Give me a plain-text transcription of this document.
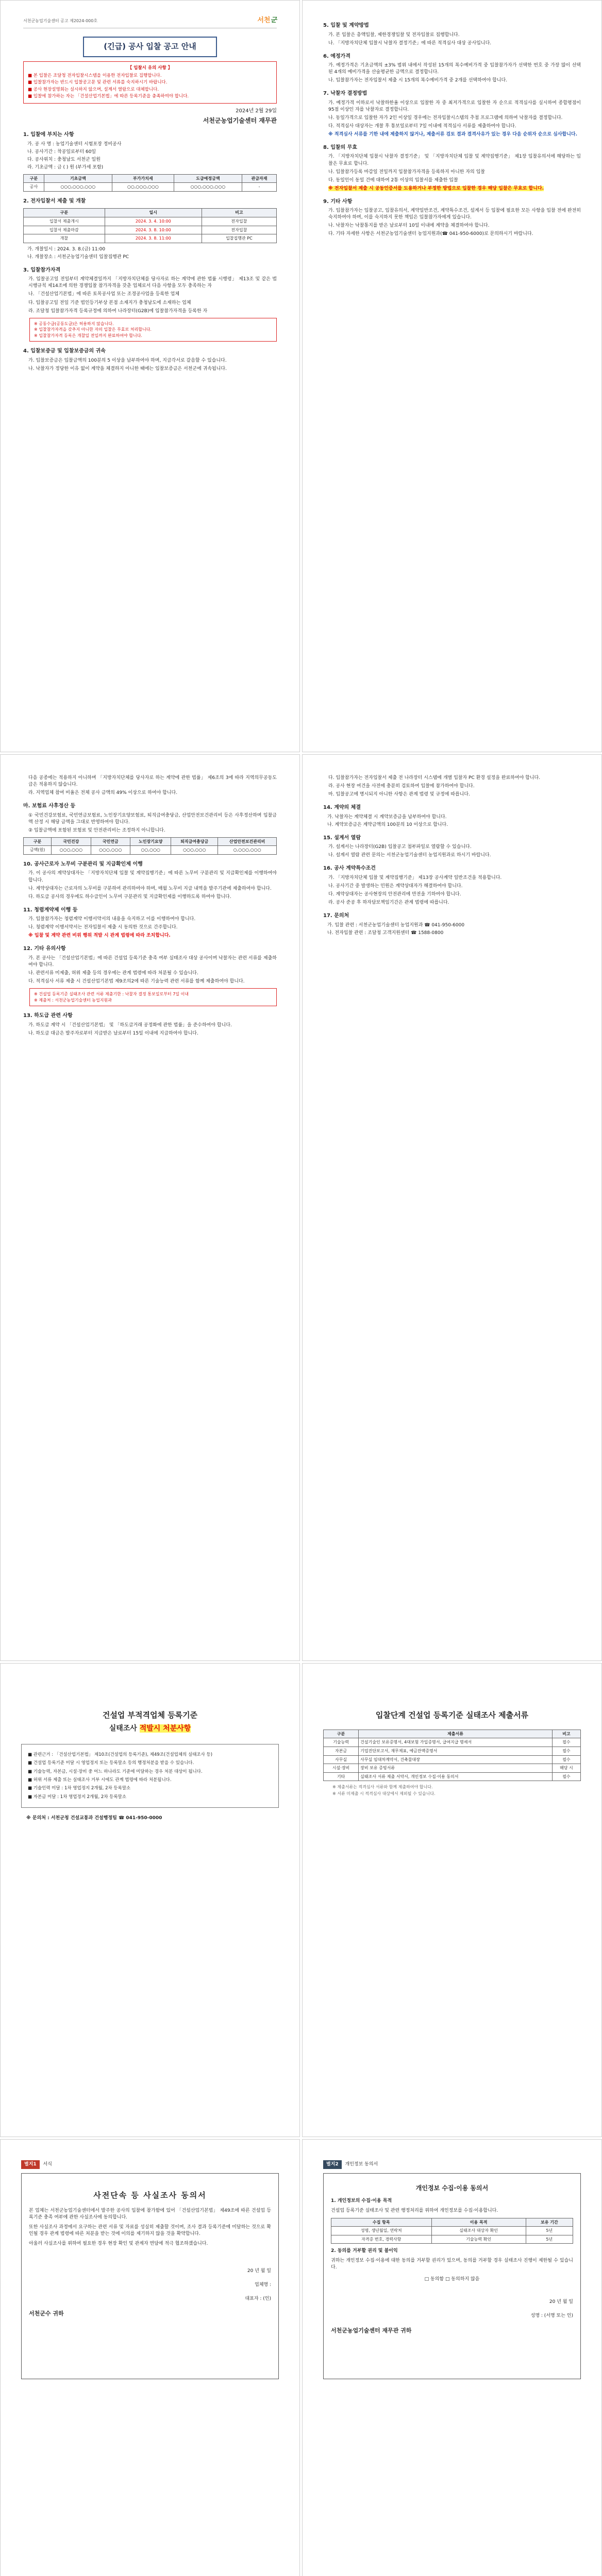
서천군농업기술센터 공고 제2024-000호	서천군
(긴급) 공사 입찰 공고 안내
【 입찰시 유의 사항 】

■ 본 입찰은 조달청 전자입찰시스템을 이용한 전자입찰로 집행합니다.

■ 입찰참가자는 반드시 입찰공고문 및 관련 서류를 숙지하시기 바랍니다.

■ 공사 현장설명회는 실시하지 않으며, 설계서 열람으로 대체합니다.

■ 입찰에 참가하는 자는 「건설산업기본법」에 따른 등록기준을 충족하여야 합니다.

2024년 2월 29일
서천군농업기술센터 재무관
1. 입찰에 부치는 사항
가. 공 사 명 : 농업기술센터 시험포장 정비공사
나. 공사기간 : 착공일로부터 60일
다. 공사위치 : 충청남도 서천군 일원
라. 기초금액 : 금 ( ) 원 (부가세 포함)
구분	기초금액	부가가치세	도급예정금액	관급자재
공사	○○○,○○○,○○○	○○,○○○,○○○	○○○,○○○,○○○	-
2. 전자입찰서 제출 및 개찰
구분	일시	비고
입찰서 제출개시	2024. 3. 4. 10:00	전자입찰
입찰서 제출마감	2024. 3. 8. 10:00	전자입찰
개찰	2024. 3. 8. 11:00	입찰집행관 PC
가. 개찰일시 : 2024. 3. 8.(금) 11:00
나. 개찰장소 : 서천군농업기술센터 입찰집행관 PC
3. 입찰참가자격
가. 입찰공고일 전일부터 계약체결일까지 「지방자치단체를 당사자로 하는 계약에 관한 법률 시행령」 제13조 및 같은 법 시행규칙 제14조에 의한 경쟁입찰 참가자격을 갖춘 업체로서 다음 사항을 모두 충족하는 자
나. 「건설산업기본법」에 따른 토목공사업 또는 조경공사업을 등록한 업체
다. 입찰공고일 전일 기준 법인등기부상 본점 소재지가 충청남도에 소재하는 업체
라. 조달청 입찰참가자격 등록규정에 의하여 나라장터(G2B)에 입찰참가자격을 등록한 자
※ 공동수급(공동도급)은 허용하지 않습니다.
※ 입찰참가자격을 갖추지 아니한 자의 입찰은 무효로 처리합니다.
※ 입찰참가자격 등록은 개찰일 전일까지 완료하여야 합니다.
4. 입찰보증금 및 입찰보증금의 귀속
가. 입찰보증금은 입찰금액의 100분의 5 이상을 납부하여야 하며, 지급각서로 갈음할 수 있습니다.
나. 낙찰자가 정당한 이유 없이 계약을 체결하지 아니한 때에는 입찰보증금은 서천군에 귀속됩니다.
5. 입찰 및 계약방법
가. 본 입찰은 총액입찰, 제한경쟁입찰 및 전자입찰로 집행합니다.
나. 「지방자치단체 입찰시 낙찰자 결정기준」에 따른 적격심사 대상 공사입니다.
6. 예정가격
가. 예정가격은 기초금액의 ±3% 범위 내에서 작성된 15개의 복수예비가격 중 입찰참가자가 선택한 번호 중 가장 많이 선택된 4개의 예비가격을 산술평균한 금액으로 결정합니다.
나. 입찰참가자는 전자입찰서 제출 시 15개의 복수예비가격 중 2개를 선택하여야 합니다.
7. 낙찰자 결정방법
가. 예정가격 이하로서 낙찰하한율 이상으로 입찰한 자 중 최저가격으로 입찰한 자 순으로 적격심사를 실시하여 종합평점이 95점 이상인 자를 낙찰자로 결정합니다.
나. 동일가격으로 입찰한 자가 2인 이상일 경우에는 전자입찰시스템의 추첨 프로그램에 의하여 낙찰자를 결정합니다.
다. 적격심사 대상자는 개찰 후 통보일로부터 7일 이내에 적격심사 서류를 제출하여야 합니다.
※ 적격심사 서류를 기한 내에 제출하지 않거나, 제출서류 검토 결과 결격사유가 있는 경우 다음 순위자 순으로 심사합니다.
8. 입찰의 무효
가. 「지방자치단체 입찰시 낙찰자 결정기준」 및 「지방자치단체 입찰 및 계약집행기준」 제1장 입찰유의서에 해당하는 입찰은 무효로 합니다.
나. 입찰참가등록 마감일 전일까지 입찰참가자격을 등록하지 아니한 자의 입찰
다. 동일인이 동일 건에 대하여 2통 이상의 입찰서를 제출한 입찰
※ 전자입찰서 제출 시 공동인증서를 도용하거나 부정한 방법으로 입찰한 경우 해당 입찰은 무효로 합니다.
9. 기타 사항
가. 입찰참가자는 입찰공고, 입찰유의서, 계약일반조건, 계약특수조건, 설계서 등 입찰에 필요한 모든 사항을 입찰 전에 완전히 숙지하여야 하며, 이를 숙지하지 못한 책임은 입찰참가자에게 있습니다.
나. 낙찰자는 낙찰통지를 받은 날로부터 10일 이내에 계약을 체결하여야 합니다.
다. 기타 자세한 사항은 서천군농업기술센터 농업지원과(☎ 041-950-6000)로 문의하시기 바랍니다.
다음 공종에는 적용하지 아니하며 「지방자치단체를 당사자로 하는 계약에 관한 법률」 제6조의 3에 따라 지역의무공동도급은 적용하지 않습니다.
라. 지역업체 참여 비율은 전체 공사 금액의 49% 이상으로 하여야 합니다.
마. 보험료 사후정산 등
① 국민건강보험료, 국민연금보험료, 노인장기요양보험료, 퇴직급여충당금, 산업안전보건관리비 등은 사후정산하며 입찰금액 산정 시 해당 금액을 그대로 반영하여야 합니다.
② 입찰금액에 포함된 보험료 및 안전관리비는 조정하지 아니합니다.
구분	국민건강	국민연금	노인장기요양	퇴직급여충당금	산업안전보건관리비
금액(원)	○○○,○○○	○○○,○○○	○○,○○○	○○○,○○○	○,○○○,○○○
10. 공사근로자 노무비 구분관리 및 지급확인제 이행
가. 이 공사의 계약상대자는 「지방자치단체 입찰 및 계약집행기준」에 따른 노무비 구분관리 및 지급확인제를 이행하여야 합니다.
나. 계약상대자는 근로자의 노무비를 구분하여 관리하여야 하며, 매월 노무비 지급 내역을 발주기관에 제출하여야 합니다.
다. 하도급 공사의 경우에도 하수급인이 노무비 구분관리 및 지급확인제를 이행하도록 하여야 합니다.
11. 청렴계약제 이행 등
가. 입찰참가자는 청렴계약 이행서약서의 내용을 숙지하고 이를 이행하여야 합니다.
나. 청렴계약 이행서약서는 전자입찰서 제출 시 동의한 것으로 간주합니다.
※ 입찰 및 계약 관련 비위 행위 적발 시 관계 법령에 따라 조치합니다.
12. 기타 유의사항
가. 본 공사는 「건설산업기본법」에 따른 건설업 등록기준 충족 여부 실태조사 대상 공사이며 낙찰자는 관련 서류를 제출하여야 합니다.
나. 관련서류 미제출, 허위 제출 등의 경우에는 관계 법령에 따라 처분될 수 있습니다.
다. 적격심사 서류 제출 시 건설산업기본법 제9조의2에 따른 기술능력 관련 서류를 함께 제출하여야 합니다.
※ 건설업 등록기준 실태조사 관련 서류 제출기한 : 낙찰자 결정 통보일로부터 7일 이내
※ 제출처 : 서천군농업기술센터 농업지원과
13. 하도급 관련 사항
가. 하도급 계약 시 「건설산업기본법」 및 「하도급거래 공정화에 관한 법률」을 준수하여야 합니다.
나. 하도급 대금은 발주자로부터 지급받은 날로부터 15일 이내에 지급하여야 합니다.
다. 입찰참가자는 전자입찰서 제출 전 나라장터 시스템에 개별 입찰자 PC 환경 설정을 완료하여야 합니다.
라. 공사 현장 여건을 사전에 충분히 검토하여 입찰에 참가하여야 합니다.
마. 입찰공고에 명시되지 아니한 사항은 관계 법령 및 규정에 따릅니다.
14. 계약의 체결
가. 낙찰자는 계약체결 시 계약보증금을 납부하여야 합니다.
나. 계약보증금은 계약금액의 100분의 10 이상으로 합니다.
15. 설계서 열람
가. 설계서는 나라장터(G2B) 입찰공고 첨부파일로 열람할 수 있습니다.
나. 설계서 열람 관련 문의는 서천군농업기술센터 농업지원과로 하시기 바랍니다.
16. 공사 계약특수조건
가. 「지방자치단체 입찰 및 계약집행기준」 제13장 공사계약 일반조건을 적용합니다.
나. 공사기간 중 발생하는 민원은 계약상대자가 해결하여야 합니다.
다. 계약상대자는 공사현장의 안전관리에 만전을 기하여야 합니다.
라. 공사 준공 후 하자담보책임기간은 관계 법령에 따릅니다.
17. 문의처
가. 입찰 관련 : 서천군농업기술센터 농업지원과 ☎ 041-950-6000
나. 전자입찰 관련 : 조달청 고객지원센터 ☎ 1588-0800
건설업 부적격업체 등록기준
실태조사 적발시 처분사항

■ 관련근거 : 「건설산업기본법」 제10조(건설업의 등록기준), 제49조(건설업체의 실태조사 등)

■ 건설업 등록기준 미달 시 영업정지 또는 등록말소 등의 행정처분을 받을 수 있습니다.

■ 기술능력, 자본금, 시설·장비 중 어느 하나라도 기준에 미달하는 경우 처분 대상이 됩니다.

■ 허위 서류 제출 또는 실태조사 거부 시에도 관계 법령에 따라 처분됩니다.

■ 기술인력 미달 : 1차 영업정지 2개월, 2차 등록말소

■ 자본금 미달 : 1차 영업정지 2개월, 2차 등록말소

※ 문의처 : 서천군청 건설교통과 건설행정팀 ☎ 041-950-0000
입찰단계 건설업 등록기준 실태조사 제출서류
구분	제출서류	비고
기술능력	건설기술인 보유증명서, 4대보험 가입증명서, 급여지급 명세서	필수
자본금	기업진단보고서, 재무제표, 예금잔액증명서	필수
사무실	사무실 임대차계약서, 건축물대장	필수
시설·장비	장비 보유 증빙서류	해당 시
기타	실태조사 서류 제출 서약서, 개인정보 수집·이용 동의서	필수
※ 제출서류는 적격심사 서류와 함께 제출하여야 합니다.
※ 서류 미제출 시 적격심사 대상에서 제외될 수 있습니다.
별지1 서식
사전단속 등 사실조사 동의서

본 업체는 서천군농업기술센터에서 발주한 공사의 입찰에 참가함에 있어 「건설산업기본법」 제49조에 따른 건설업 등록기준 충족 여부에 관한 사실조사에 동의합니다.

또한 사실조사 과정에서 요구하는 관련 서류 및 자료를 성실히 제출할 것이며, 조사 결과 등록기준에 미달하는 것으로 확인될 경우 관계 법령에 따른 처분을 받는 것에 이의를 제기하지 않을 것을 확약합니다.

아울러 사실조사를 위하여 필요한 경우 현장 확인 및 관계자 면담에 적극 협조하겠습니다.

20 년 월 일
업체명 :
대표자 : (인)
서천군수 귀하
별지2 개인정보 동의서
개인정보 수집·이용 동의서
1. 개인정보의 수집·이용 목적

건설업 등록기준 실태조사 및 관련 행정처리를 위하여 개인정보를 수집·이용합니다.

수집 항목	이용 목적	보유 기간
성명, 생년월일, 연락처	실태조사 대상자 확인	5년
자격증 번호, 경력사항	기술능력 확인	5년
2. 동의를 거부할 권리 및 불이익

귀하는 개인정보 수집·이용에 대한 동의를 거부할 권리가 있으며, 동의를 거부할 경우 실태조사 진행이 제한될 수 있습니다.

□ 동의함 □ 동의하지 않음

20 년 월 일
성명 : (서명 또는 인)
서천군농업기술센터 재무관 귀하
